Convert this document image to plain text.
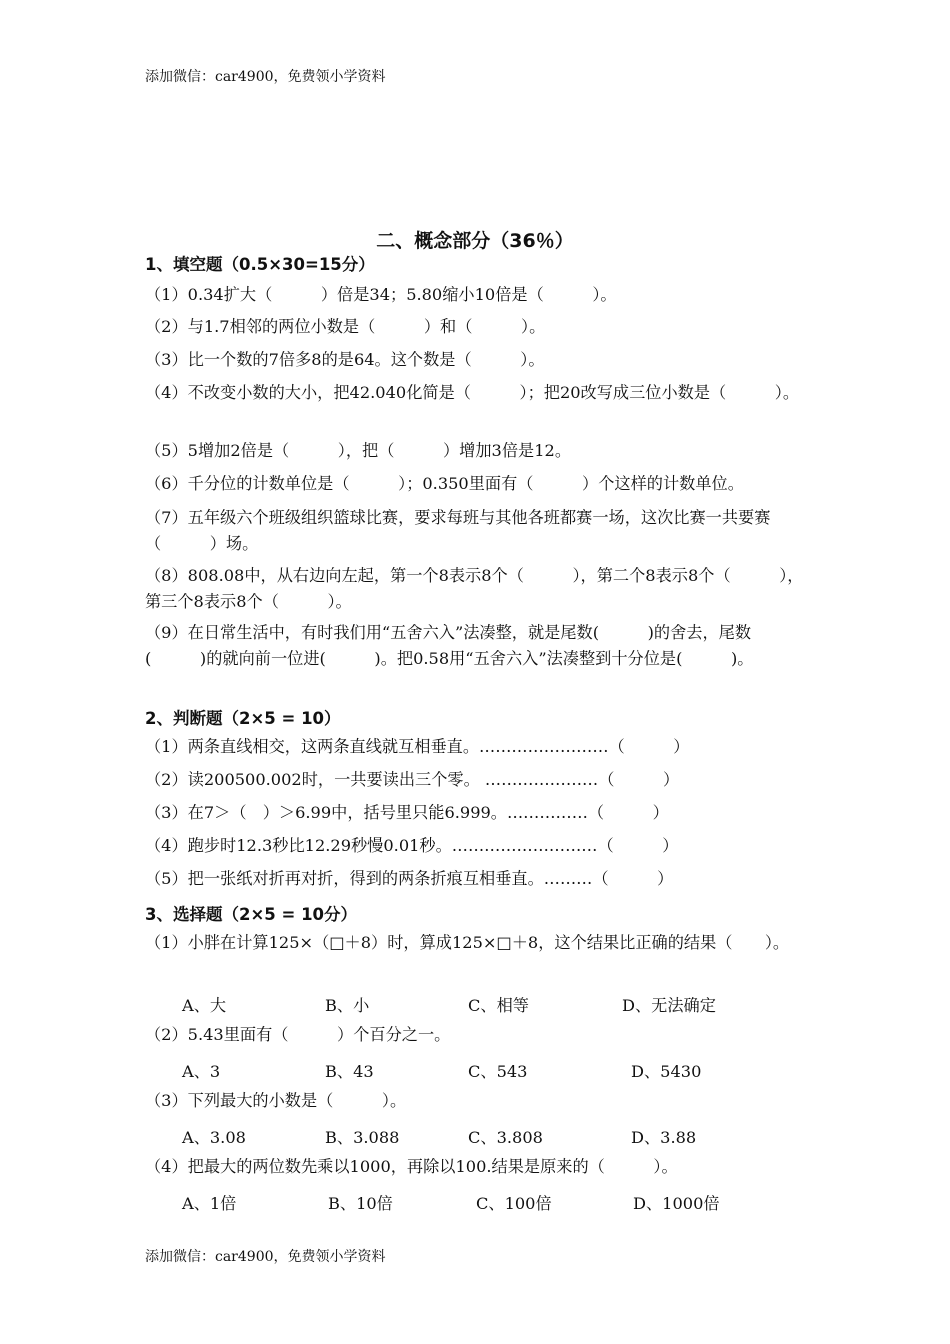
添加微信：car4900，免费领小学资料
添加微信：car4900，免费领小学资料
二、概念部分（36％）
1、填空题（0.5×30=15分）
（1）0.34扩大（　　　）倍是34；5.80缩小10倍是（　　　）。
（2）与1.7相邻的两位小数是（　　　）和（　　　）。
（3）比一个数的7倍多8的是64。这个数是（　　　）。
（4）不改变小数的大小，把42.040化简是（　　　）；把20改写成三位小数是（　　　）。
（5）5增加2倍是（　　　），把（　　　）增加3倍是12。
（6）千分位的计数单位是（　　　）；0.350里面有（　　　）个这样的计数单位。
（7）五年级六个班级组织篮球比赛，要求每班与其他各班都赛一场，这次比赛一共要赛（　　　）场。
（8）808.08中，从右边向左起，第一个8表示8个（　　　），第二个8表示8个（　　　），第三个8表示8个（　　　）。
（9）在日常生活中，有时我们用“五舍六入”法凑整，就是尾数(　　　)的舍去，尾数(　　　)的就向前一位进(　　　)。把0.58用“五舍六入”法凑整到十分位是(　　　)。
2、判断题（2×5 = 10）
（1）两条直线相交，这两条直线就互相垂直。……………………（　　　）
（2）读200500.002时，一共要读出三个零。 …………………（　　　）
（3）在7＞（　）＞6.99中，括号里只能6.999。……………（　　　）
（4）跑步时12.3秒比12.29秒慢0.01秒。………………………（　　　）
（5）把一张纸对折再对折，得到的两条折痕互相垂直。………（　　　）
3、选择题（2×5 = 10分）
（1）小胖在计算125×（□＋8）时，算成125×□＋8，这个结果比正确的结果（　　）。
A、大	B、小	C、相等	D、无法确定
（2）5.43里面有（　　　）个百分之一。
A、3	B、43	C、543	D、5430
（3）下列最大的小数是（　　　）。
A、3.08	B、3.088	C、3.808	D、3.88
（4）把最大的两位数先乘以1000，再除以100.结果是原来的（　　　）。
A、1倍	B、10倍	C、100倍	D、1000倍
